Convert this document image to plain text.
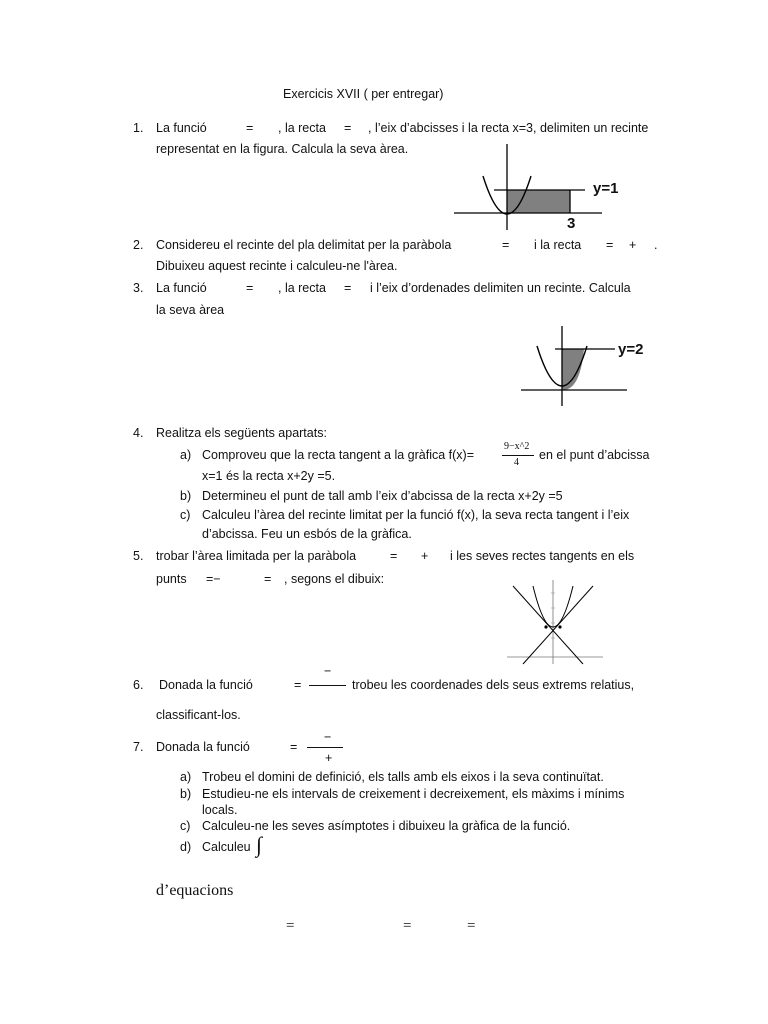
Exercicis XVII ( per entregar)
1. La funció	= , la recta = , l’eix d’abcisses i la recta x=3, delimiten un recinte
representat en la figura. Calcula la seva àrea.
y=1
3
2. Considereu el recinte del pla delimitat per la paràbola	= i la recta = + .
Dibuixeu aquest recinte i calculeu-ne l'àrea.
3. La funció	= , la recta = i l’eix d’ordenades delimiten un recinte. Calcula
la seva àrea
y=2
4. Realitza els següents apartats:
a) Comproveu que la recta tangent a la gràfica f(x)=
9−x^2
4
en el punt d’abcissa
x=1 és la recta x+2y =5.
b) Determineu el punt de tall amb l’eix d’abcissa de la recta x+2y =5
c) Calculeu l’àrea del recinte limitat per la funció f(x), la seva recta tangent i l’eix
d’abcissa. Feu un esbós de la gràfica.
5. trobar l’àrea limitada per la paràbola	= + i les seves rectes tangents en els
punts =−	= , segons el dibuix:
6. Donada la funció	=
−
trobeu les coordenades dels seus extrems relatius,
classificant-los.
7. Donada la funció	=
−
+
a) Trobeu el domini de definició, els talls amb els eixos i la seva continuïtat.
b) Estudieu-ne els intervals de creixement i decreixement, els màxims i mínims
locals.
c) Calculeu-ne les seves asímptotes i dibuixeu la gràfica de la funció.
d) Calculeu ∫
d’equacions
=	=	=
